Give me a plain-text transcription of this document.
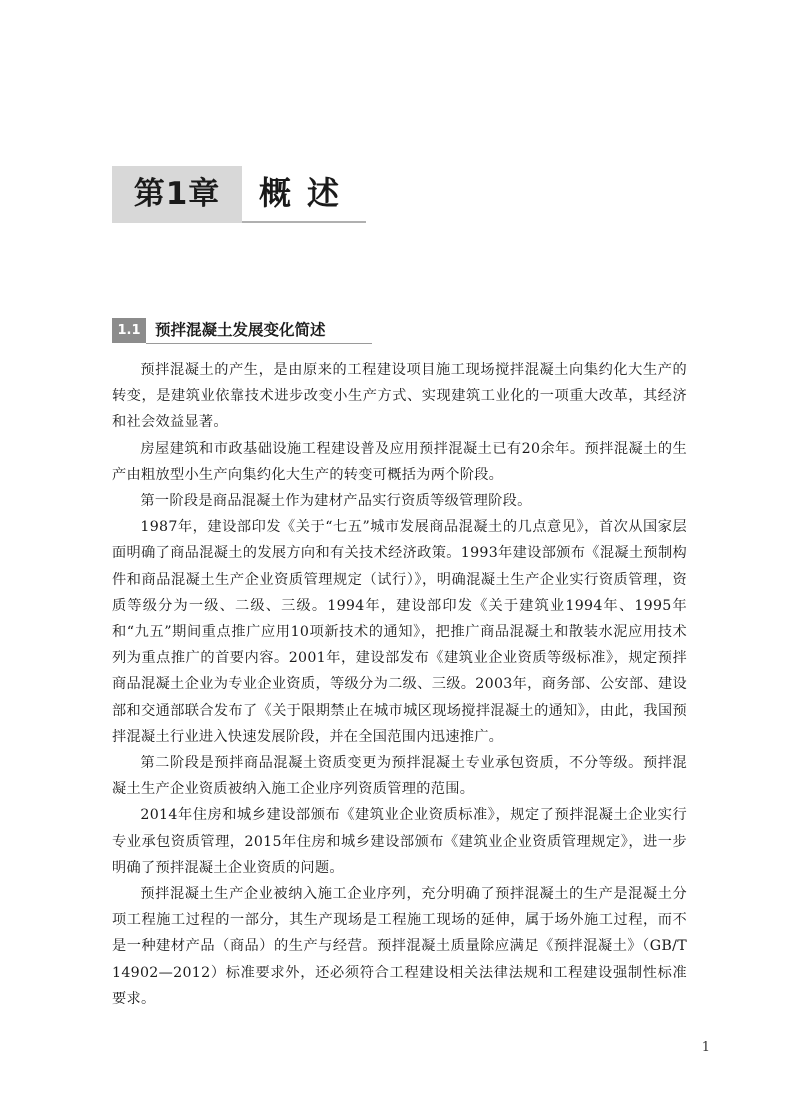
第1章	概述
1.1 预拌混凝土发展变化简述

预拌混凝土的产生，是由原来的工程建设项目施工现场搅拌混凝土向集约化大生产的转变，是建筑业依靠技术进步改变小生产方式、实现建筑工业化的一项重大改革，其经济和社会效益显著。

房屋建筑和市政基础设施工程建设普及应用预拌混凝土已有20余年。预拌混凝土的生产由粗放型小生产向集约化大生产的转变可概括为两个阶段。

第一阶段是商品混凝土作为建材产品实行资质等级管理阶段。

1987年，建设部印发《关于“七五”城市发展商品混凝土的几点意见》，首次从国家层面明确了商品混凝土的发展方向和有关技术经济政策。1993年建设部颁布《混凝土预制构件和商品混凝土生产企业资质管理规定（试行）》，明确混凝土生产企业实行资质管理，资质等级分为一级、二级、三级。1994年，建设部印发《关于建筑业1994年、1995年和“九五”期间重点推广应用10项新技术的通知》，把推广商品混凝土和散装水泥应用技术列为重点推广的首要内容。2001年，建设部发布《建筑业企业资质等级标准》，规定预拌商品混凝土企业为专业企业资质，等级分为二级、三级。2003年，商务部、公安部、建设部和交通部联合发布了《关于限期禁止在城市城区现场搅拌混凝土的通知》，由此，我国预拌混凝土行业进入快速发展阶段，并在全国范围内迅速推广。

第二阶段是预拌商品混凝土资质变更为预拌混凝土专业承包资质，不分等级。预拌混凝土生产企业资质被纳入施工企业序列资质管理的范围。

2014年住房和城乡建设部颁布《建筑业企业资质标准》，规定了预拌混凝土企业实行专业承包资质管理，2015年住房和城乡建设部颁布《建筑业企业资质管理规定》，进一步明确了预拌混凝土企业资质的问题。

预拌混凝土生产企业被纳入施工企业序列，充分明确了预拌混凝土的生产是混凝土分项工程施工过程的一部分，其生产现场是工程施工现场的延伸，属于场外施工过程，而不是一种建材产品（商品）的生产与经营。预拌混凝土质量除应满足《预拌混凝土》（GB/T 14902—2012）标准要求外，还必须符合工程建设相关法律法规和工程建设强制性标准要求。

1
